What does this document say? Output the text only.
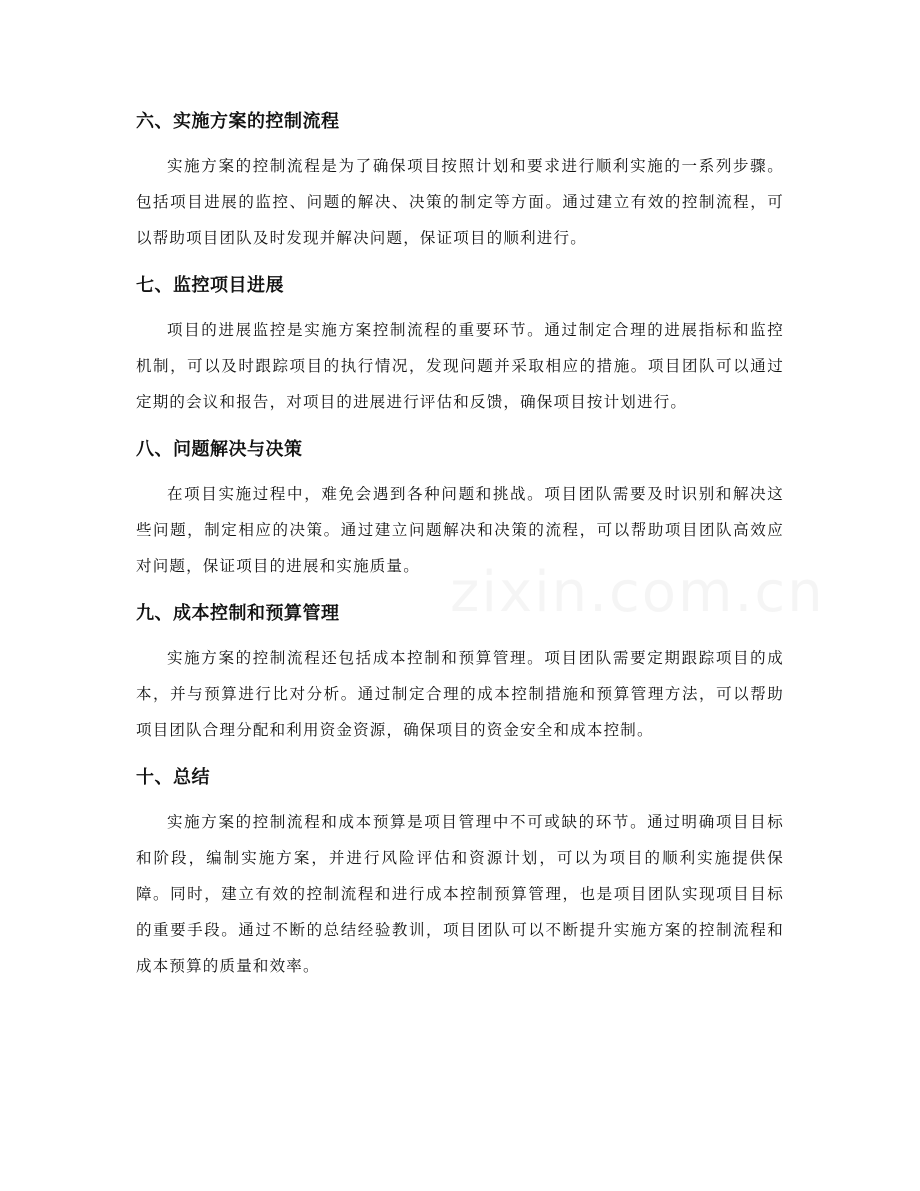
六、实施方案的控制流程

实施方案的控制流程是为了确保项目按照计划和要求进行顺利实施的一系列步骤。包括项目进展的监控、问题的解决、决策的制定等方面。通过建立有效的控制流程，可以帮助项目团队及时发现并解决问题，保证项目的顺利进行。

七、监控项目进展

项目的进展监控是实施方案控制流程的重要环节。通过制定合理的进展指标和监控机制，可以及时跟踪项目的执行情况，发现问题并采取相应的措施。项目团队可以通过定期的会议和报告，对项目的进展进行评估和反馈，确保项目按计划进行。

八、问题解决与决策

在项目实施过程中，难免会遇到各种问题和挑战。项目团队需要及时识别和解决这些问题，制定相应的决策。通过建立问题解决和决策的流程，可以帮助项目团队高效应对问题，保证项目的进展和实施质量。

九、成本控制和预算管理

实施方案的控制流程还包括成本控制和预算管理。项目团队需要定期跟踪项目的成本，并与预算进行比对分析。通过制定合理的成本控制措施和预算管理方法，可以帮助项目团队合理分配和利用资金资源，确保项目的资金安全和成本控制。

十、总结

实施方案的控制流程和成本预算是项目管理中不可或缺的环节。通过明确项目目标和阶段，编制实施方案，并进行风险评估和资源计划，可以为项目的顺利实施提供保障。同时，建立有效的控制流程和进行成本控制预算管理，也是项目团队实现项目目标的重要手段。通过不断的总结经验教训，项目团队可以不断提升实施方案的控制流程和成本预算的质量和效率。
